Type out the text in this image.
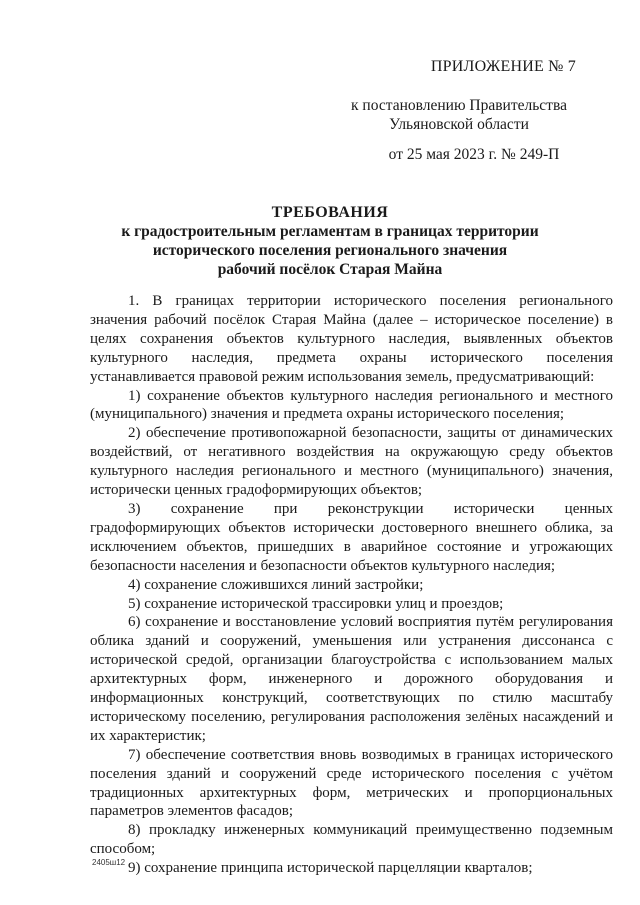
ПРИЛОЖЕНИЕ № 7
к постановлению Правительства Ульяновской области
от 25 мая 2023 г. № 249-П
ТРЕБОВАНИЯ
к градостроительным регламентам в границах территории
исторического поселения регионального значения
рабочий посёлок Старая Майна

1. В границах территории исторического поселения регионального значения рабочий посёлок Старая Майна (далее – историческое поселение) в целях сохранения объектов культурного наследия, выявленных объектов культурного наследия, предмета охраны исторического поселения устанавливается правовой режим использования земель, предусматривающий:

1) сохранение объектов культурного наследия регионального и местного (муниципального) значения и предмета охраны исторического поселения;

2) обеспечение противопожарной безопасности, защиты от динамических воздействий, от негативного воздействия на окружающую среду объектов культурного наследия регионального и местного (муниципального) значения, исторически ценных градоформирующих объектов;

3) сохранение при реконструкции исторически ценных градоформирующих объектов исторически достоверного внешнего облика, за исключением объектов, пришедших в аварийное состояние и угрожающих безопасности населения и безопасности объектов культурного наследия;

4) сохранение сложившихся линий застройки;

5) сохранение исторической трассировки улиц и проездов;

6) сохранение и восстановление условий восприятия путём регулирования облика зданий и сооружений, уменьшения или устранения диссонанса с исторической средой, организации благоустройства с использованием малых архитектурных форм, инженерного и дорожного оборудования и информационных конструкций, соответствующих по стилю масштабу историческому поселению, регулирования расположения зелёных насаждений и их характеристик;

7) обеспечение соответствия вновь возводимых в границах исторического поселения зданий и сооружений среде исторического поселения с учётом традиционных архитектурных форм, метрических и пропорциональных параметров элементов фасадов;

8) прокладку инженерных коммуникаций преимущественно подземным способом;

9) сохранение принципа исторической парцелляции кварталов;

2405ш12
